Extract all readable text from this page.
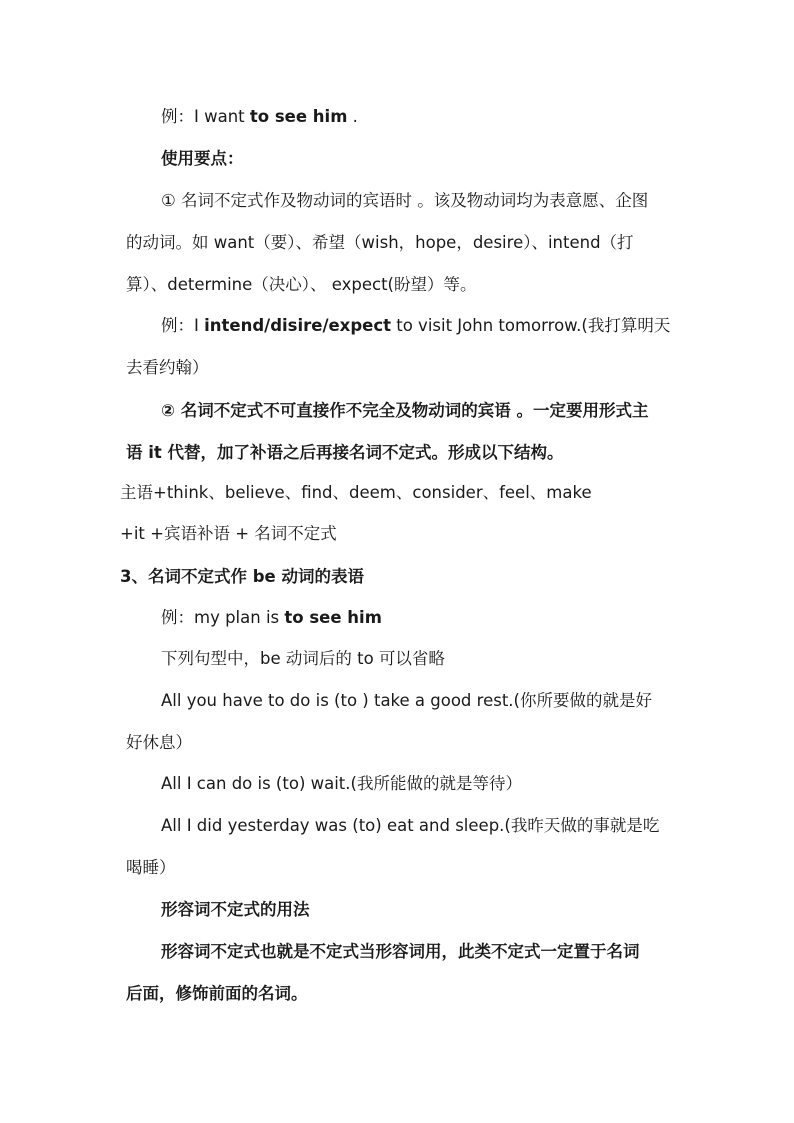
例：I want to see him .
使用要点：
① 名词不定式作及物动词的宾语时 。该及物动词均为表意愿、企图
的动词。如 want（要）、希望（wish，hope，desire）、intend（打
算）、determine（决心）、 expect(盼望）等。
例：I intend/disire/expect to visit John tomorrow.(我打算明天
去看约翰）
② 名词不定式不可直接作不完全及物动词的宾语 。一定要用形式主
语 it 代替，加了补语之后再接名词不定式。形成以下结构。
主语+think、believe、find、deem、consider、feel、make
+it +宾语补语 + 名词不定式
3、名词不定式作 be 动词的表语
例：my plan is to see him
下列句型中，be 动词后的 to 可以省略
All you have to do is (to ) take a good rest.(你所要做的就是好
好休息）
All I can do is (to) wait.(我所能做的就是等待）
All I did yesterday was (to) eat and sleep.(我昨天做的事就是吃
喝睡）
形容词不定式的用法
形容词不定式也就是不定式当形容词用，此类不定式一定置于名词
后面，修饰前面的名词。
